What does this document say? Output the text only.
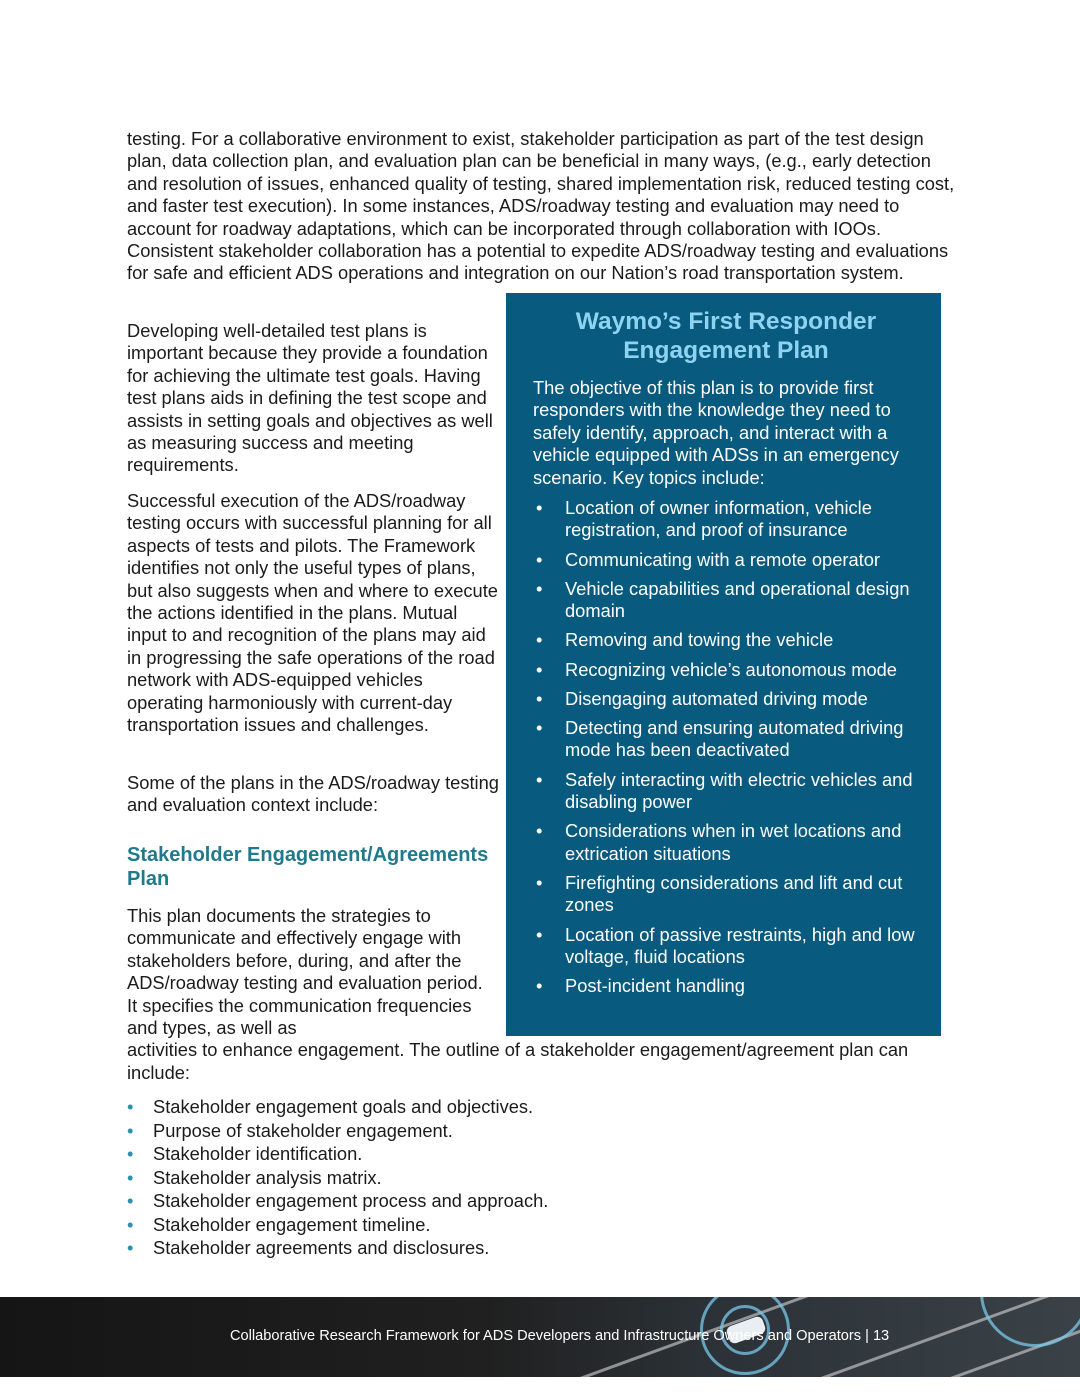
testing. For a collaborative environment to exist, stakeholder participation as part of the test design plan, data collection plan, and evaluation plan can be beneficial in many ways, (e.g., early detection and resolution of issues, enhanced quality of testing, shared implementation risk, reduced testing cost, and faster test execution). In some instances, ADS/roadway testing and evaluation may need to account for roadway adaptations, which can be incorporated through collaboration with IOOs. Consistent stakeholder collaboration has a potential to expedite ADS/roadway testing and evaluations for safe and efficient ADS operations and integration on our Nation’s road transportation system.

Developing well-detailed test plans is important because they provide a foundation for achieving the ultimate test goals. Having test plans aids in defining the test scope and assists in setting goals and objectives as well as measuring success and meeting requirements.

Successful execution of the ADS/roadway testing occurs with successful planning for all aspects of tests and pilots. The Framework identifies not only the useful types of plans, but also suggests when and where to execute the actions identified in the plans. Mutual input to and recognition of the plans may aid in progressing the safe operations of the road network with ADS-equipped vehicles operating harmoniously with current-day transportation issues and challenges.

Some of the plans in the ADS/roadway testing and evaluation context include:

Stakeholder Engagement/Agreements Plan

This plan documents the strategies to communicate and effectively engage with stakeholders before, during, and after the ADS/roadway testing and evaluation period. It specifies the communication frequencies and types, as well as
activities to enhance engagement. The outline of a stakeholder engagement/agreement plan can include:

Waymo’s First Responder
Engagement Plan

The objective of this plan is to provide first responders with the knowledge they need to safely identify, approach, and interact with a vehicle equipped with ADSs in an emergency scenario. Key topics include:

• Location of owner information, vehicle registration, and proof of insurance
• Communicating with a remote operator
• Vehicle capabilities and operational design domain
• Removing and towing the vehicle
• Recognizing vehicle’s autonomous mode
• Disengaging automated driving mode
• Detecting and ensuring automated driving mode has been deactivated
• Safely interacting with electric vehicles and disabling power
• Considerations when in wet locations and extrication situations
• Firefighting considerations and lift and cut zones
• Location of passive restraints, high and low voltage, fluid locations
• Post-incident handling
• Stakeholder engagement goals and objectives.
• Purpose of stakeholder engagement.
• Stakeholder identification.
• Stakeholder analysis matrix.
• Stakeholder engagement process and approach.
• Stakeholder engagement timeline.
• Stakeholder agreements and disclosures.
Collaborative Research Framework for ADS Developers and Infrastructure Owners and Operators | 13
